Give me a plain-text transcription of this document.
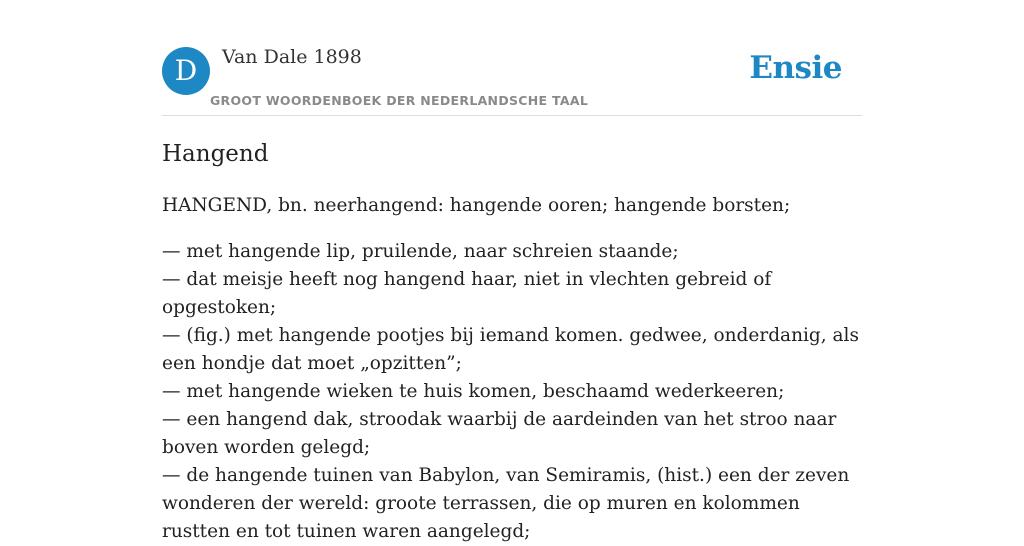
D	Van Dale 1898
GROOT WOORDENBOEK DER NEDERLANDSCHE TAAL
Ensie
Hangend

HANGEND, bn. neerhangend: hangende ooren; hangende borsten;

— met hangende lip, pruilende, naar schreien staande;

— dat meisje heeft nog hangend haar, niet in vlechten gebreid of opgestoken;

— (fig.) met hangende pootjes bij iemand komen. gedwee, onderdanig, als een hondje dat moet „opzitten”;

— met hangende wieken te huis komen, beschaamd wederkeeren;

— een hangend dak, stroodak waarbij de aardeinden van het stroo naar boven worden gelegd;

— de hangende tuinen van Babylon, van Semiramis, (hist.) een der zeven wonderen der wereld: groote terrassen, die op muren en kolommen rustten en tot tuinen waren aangelegd;
